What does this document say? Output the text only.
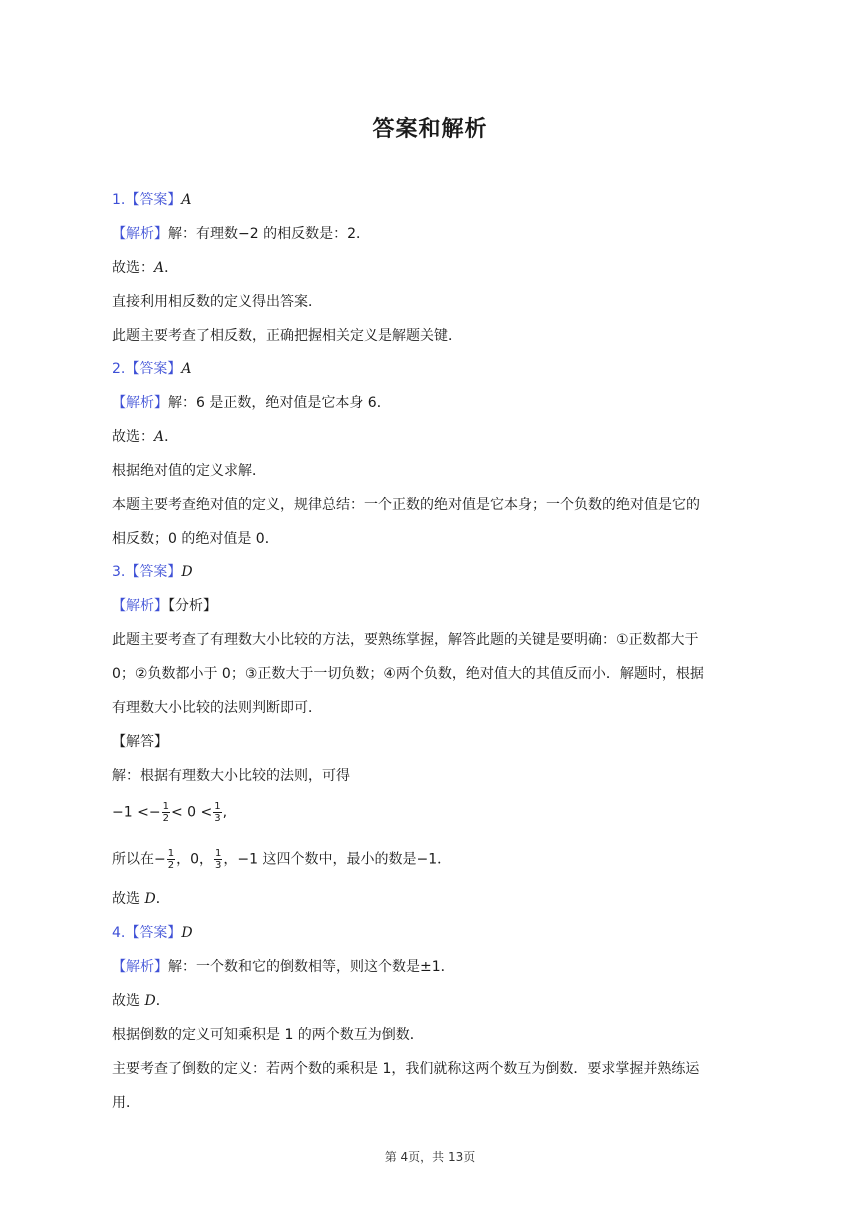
答案和解析
1.【答案】A
【解析】解：有理数−2 的相反数是：2．
故选：A．
直接利用相反数的定义得出答案．
此题主要考查了相反数，正确把握相关定义是解题关键．
2.【答案】A
【解析】解：6 是正数，绝对值是它本身 6．
故选：A．
根据绝对值的定义求解．
本题主要考查绝对值的定义，规律总结：一个正数的绝对值是它本身；一个负数的绝对值是它的
相反数；0 的绝对值是 0．
3.【答案】D
【解析】【分析】
此题主要考查了有理数大小比较的方法，要熟练掌握，解答此题的关键是要明确：①正数都大于
0；②负数都小于 0；③正数大于一切负数；④两个负数，绝对值大的其值反而小．解题时，根据
有理数大小比较的法则判断即可．
【解答】
解：根据有理数大小比较的法则，可得
$-1 <- \frac{1}{2} < 0 < \frac{1}{3}$ ,
所以在− $\frac{1}{2}$ ，0， $\frac{1}{3}$ ，−1 这四个数中，最小的数是−1．
故选 D．
4.【答案】D
【解析】解：一个数和它的倒数相等，则这个数是±1．
故选 D．
根据倒数的定义可知乘积是 1 的两个数互为倒数．
主要考查了倒数的定义：若两个数的乘积是 1，我们就称这两个数互为倒数．要求掌握并熟练运
用．
第 4页，共 13页
